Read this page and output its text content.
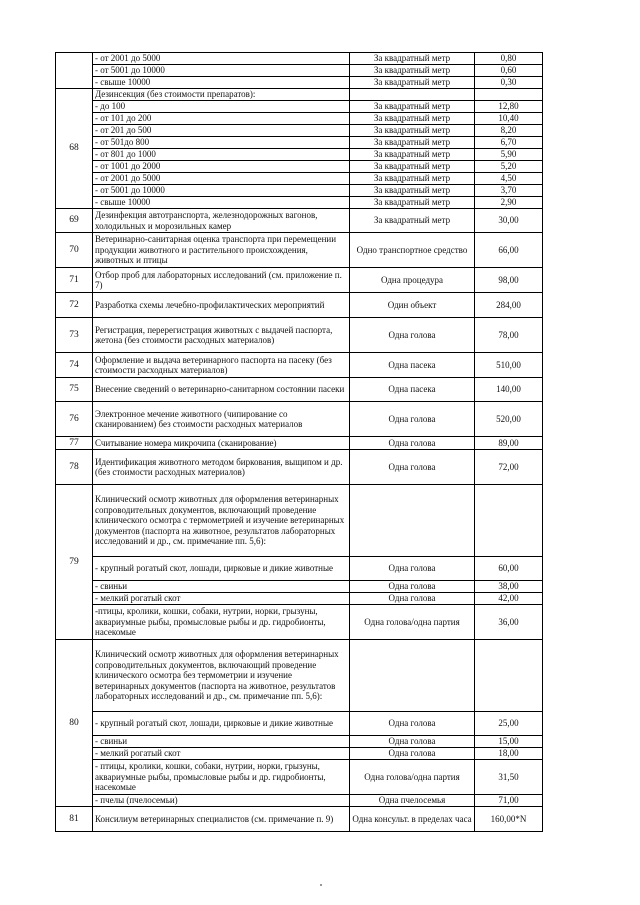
	- от 2001 до 5000	За квадратный метр	0,80
	- от 5001 до 10000	За квадратный метр	0,60
	- свыше 10000	За квадратный метр	0,30
68	Дезинсекция (без стоимости препаратов):		
	- до 100	За квадратный метр	12,80
	- от 101 до 200	За квадратный метр	10,40
	- от 201 до 500	За квадратный метр	8,20
	- от 501до 800	За квадратный метр	6,70
	- от 801 до 1000	За квадратный метр	5,90
	- от 1001 до 2000	За квадратный метр	5,20
	- от 2001 до 5000	За квадратный метр	4,50
	- от 5001 до 10000	За квадратный метр	3,70
	- свыше 10000	За квадратный метр	2,90
69	Дезинфекция автотранспорта, железнодорожных вагонов, холодильных и морозильных камер	За квадратный метр	30,00
70	Ветеринарно-санитарная оценка транспорта при перемещении продукции животного и растительного происхождения, животных и птицы	Одно транспортное средство	66,00
71	Отбор проб для лабораторных исследований (см. приложение п. 7)	Одна процедура	98,00
72	Разработка схемы лечебно-профилактических мероприятий	Один объект	284,00
73	Регистрация, перерегистрация животных с выдачей паспорта, жетона (без стоимости расходных материалов)	Одна голова	78,00
74	Оформление и выдача ветеринарного паспорта на пасеку (без стоимости расходных материалов)	Одна пасека	510,00
75	Внесение сведений о ветеринарно-санитарном состоянии пасеки	Одна пасека	140,00
76	Электронное мечение животного (чипирование со сканированием) без стоимости расходных материалов	Одна голова	520,00
77	Считывание номера микрочипа (сканирование)	Одна голова	89,00
78	Идентификация животного методом биркования, выщипом и др. (без стоимости расходных материалов)	Одна голова	72,00
79	Клинический осмотр животных для оформления ветеринарных сопроводительных документов, включающий проведение клинического осмотра с термометрией и изучение ветеринарных документов (паспорта на животное, результатов лабораторных исследований и др., см. примечание пп. 5,6):		
	- крупный рогатый скот, лошади, цирковые и дикие животные	Одна голова	60,00
	- свиньи	Одна голова	38,00
	- мелкий рогатый скот	Одна голова	42,00
	-птицы, кролики, кошки, собаки, нутрии, норки, грызуны, аквариумные рыбы, промысловые рыбы и др. гидробионты, насекомые	Одна голова/одна партия	36,00
80	Клинический осмотр животных для оформления ветеринарных сопроводительных документов, включающий проведение клинического осмотра без термометрии и изучение ветеринарных документов (паспорта на животное, результатов лабораторных исследований и др., см. примечание пп. 5,6):		
	- крупный рогатый скот, лошади, цирковые и дикие животные	Одна голова	25,00
	- свиньи	Одна голова	15,00
	- мелкий рогатый скот	Одна голова	18,00
	- птицы, кролики, кошки, собаки, нутрии, норки, грызуны, аквариумные рыбы, промысловые рыбы и др. гидробионты, насекомые	Одна голова/одна партия	31,50
	- пчелы (пчелосемьи)	Одна пчелосемья	71,00
81	Консилиум ветеринарных специалистов (см. примечание п. 9)	Одна консульт. в пределах часа	160,00*N
